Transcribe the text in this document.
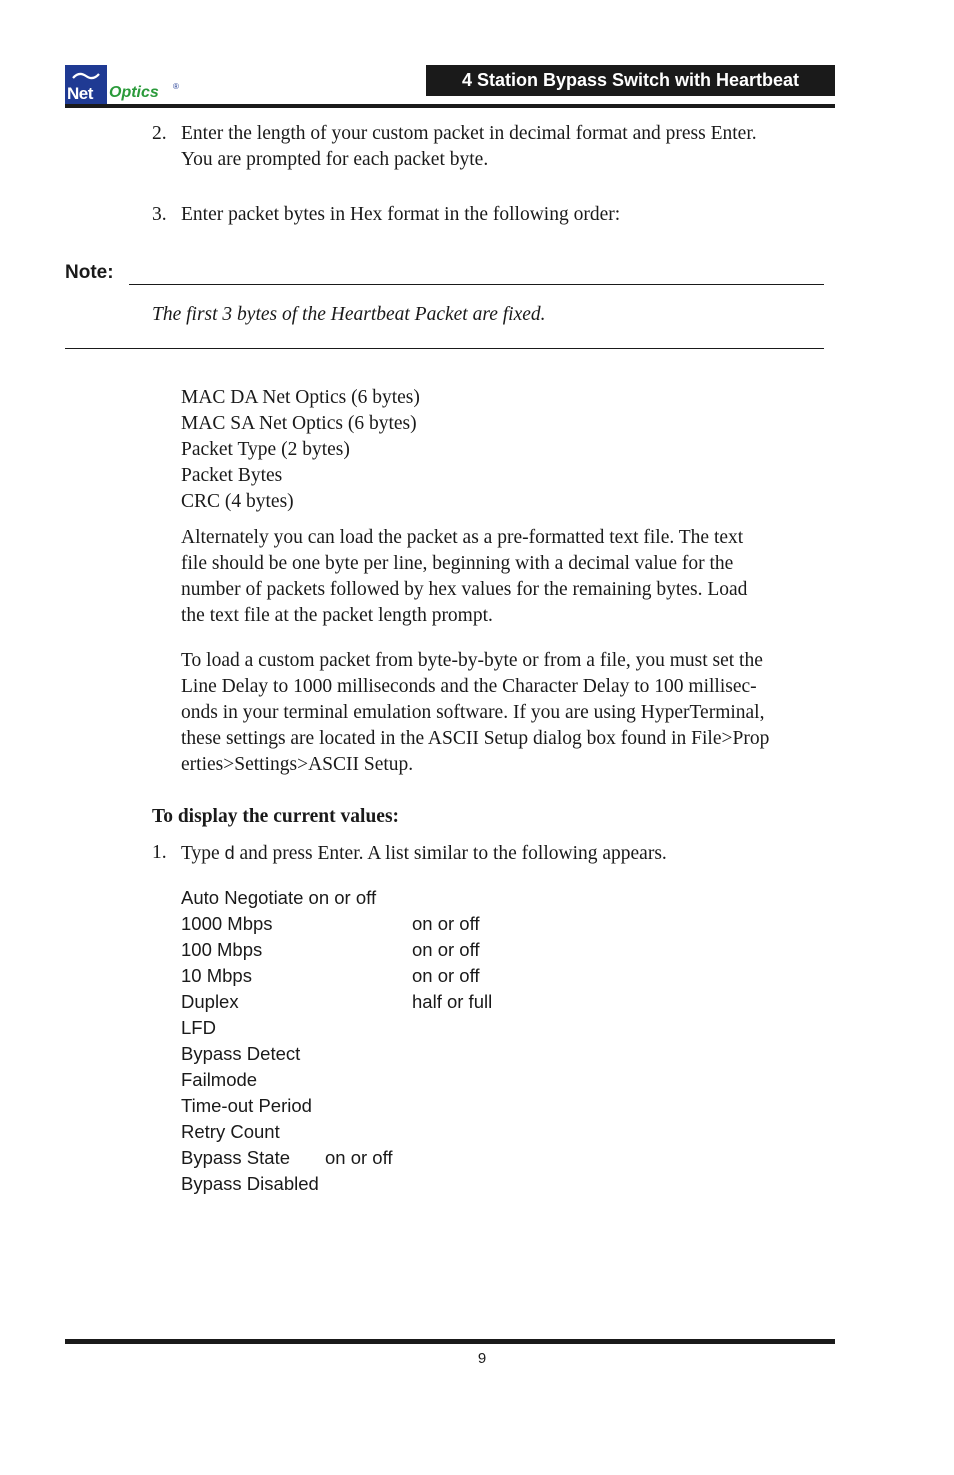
Net Optics ®	4 Station Bypass Switch with Heartbeat
2. Enter the length of your custom packet in decimal format and press Enter.
You are prompted for each packet byte.
3. Enter packet bytes in Hex format in the following order:
Note:
The first 3 bytes of the Heartbeat Packet are fixed.
MAC DA Net Optics (6 bytes)
MAC SA Net Optics (6 bytes)
Packet Type (2 bytes)
Packet Bytes
CRC (4 bytes)
Alternately you can load the packet as a pre-formatted text file. The text
file should be one byte per line, beginning with a decimal value for the
number of packets followed by hex values for the remaining bytes. Load
the text file at the packet length prompt.
To load a custom packet from byte-by-byte or from a file, you must set the
Line Delay to 1000 milliseconds and the Character Delay to 100 millisec-
onds in your terminal emulation software. If you are using HyperTerminal,
these settings are located in the ASCII Setup dialog box found in File>Prop
erties>Settings>ASCII Setup.
To display the current values:
1. Type d and press Enter. A list similar to the following appears.
Auto Negotiate on or off
1000 Mbps	on or off
100 Mbps	on or off
10 Mbps	on or off
Duplex	half or full
LFD
Bypass Detect
Failmode
Time-out Period
Retry Count
Bypass State on or off
Bypass Disabled
9
